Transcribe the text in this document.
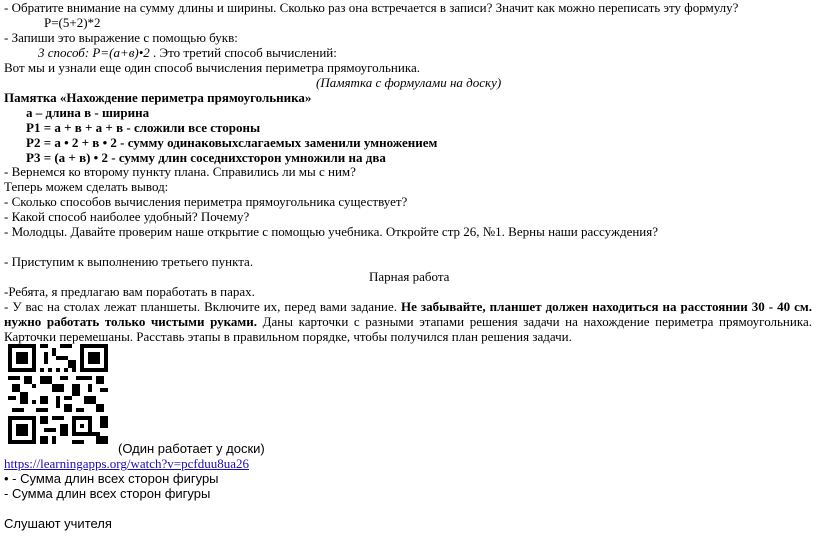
- Обратите внимание на сумму длины и ширины. Сколько раз она встречается в записи? Значит как можно переписать эту формулу?
Р=(5+2)*2
- Запиши это выражение с помощью букв:
3 способ: Р=(а+в)•2 . Это третий способ вычислений:
Вот мы и узнали еще один способ вычисления периметра прямоугольника.
(Памятка с формулами на доску)
Памятка «Нахождение периметра прямоугольника»
а – длина в - ширина
Р1 = а + в + а + в - сложили все стороны
Р2 = а • 2 + в • 2 - сумму одинаковыхслагаемых заменили умножением
Р3 = (а + в) • 2 - сумму длин соседнихсторон умножили на два
- Вернемся ко второму пункту плана. Справились ли мы с ним?
Теперь можем сделать вывод:
- Сколько способов вычисления периметра прямоугольника существует?
- Какой способ наиболее удобный? Почему?
- Молодцы. Давайте проверим наше открытие с помощью учебника. Откройте стр 26, №1. Верны наши рассуждения?
- Приступим к выполнению третьего пункта.
Парная работа
-Ребята, я предлагаю вам поработать в парах.
- У вас на столах лежат планшеты. Включите их, перед вами задание. Не забывайте, планшет должен находиться на расстоянии 30 - 40 см. нужно работать только чистыми руками. Даны карточки с разными этапами решения задачи на нахождение периметра прямоугольника. Карточки перемешаны. Расставь этапы в правильном порядке, чтобы получился план решения задачи.
(Один работает у доски)
https://learningapps.org/watch?v=pcfduu8ua26
• - Сумма длин всех сторон фигуры
- Сумма длин всех сторон фигуры
Слушают учителя
